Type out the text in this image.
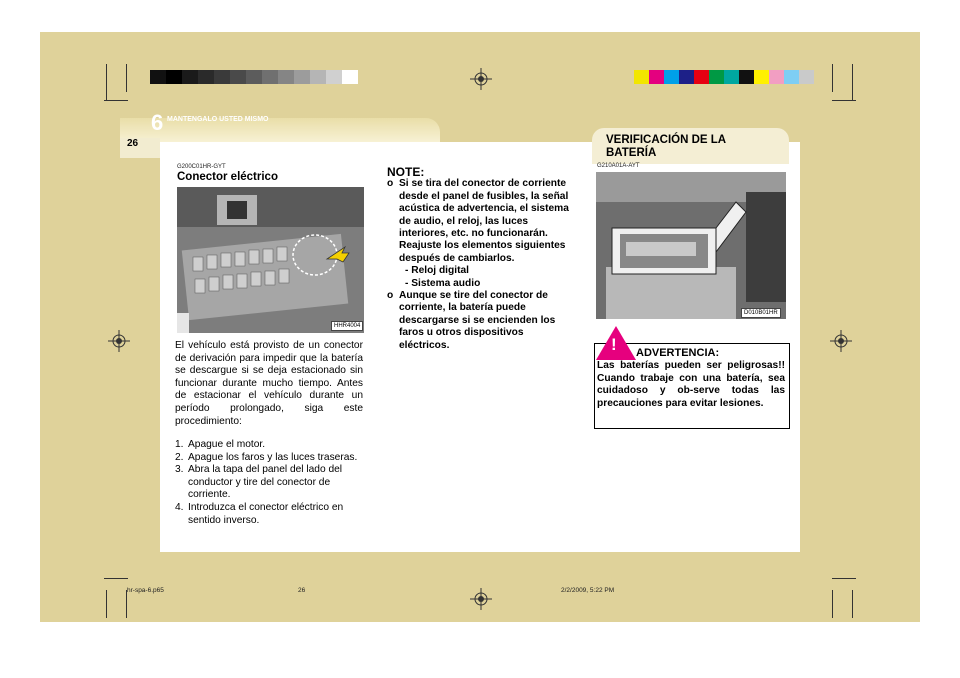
6 MANTENGALO USTED MISMO
26	VERIFICACIÓN DE LA BATERÍA
G200C01HR-GYT
Conector eléctrico
HHR4004
El vehículo está provisto de un conector de derivación para impedir que la batería se descargue si se deja estacionado sin funcionar durante mucho tiempo. Antes de estacionar el vehículo durante un período prolongado, siga este procedimiento:
1. Apague el motor.
2. Apague los faros y las luces traseras.
3. Abra la tapa del panel del lado del conductor y tire del conector de corriente.
4. Introduzca el conector eléctrico en sentido inverso.
NOTE:
o Si se tira del conector de corriente desde el panel de fusibles, la señal acústica de advertencia, el sistema de audio, el reloj, las luces interiores, etc. no funcionarán.
Reajuste los elementos siguientes después de cambiarlos.
- Reloj digital
- Sistema audio
o Aunque se tire del conector de corriente, la batería puede descargarse si se encienden los faros u otros dispositivos eléctricos.
G210A01A-AYT
D010B01HR
! ADVERTENCIA:
Las baterías pueden ser peligrosas!! Cuando trabaje con una batería, sea cuidadoso y ob-serve todas las precauciones para evitar lesiones.
hr-spa-6.p65	26	2/2/2009, 5:22 PM
